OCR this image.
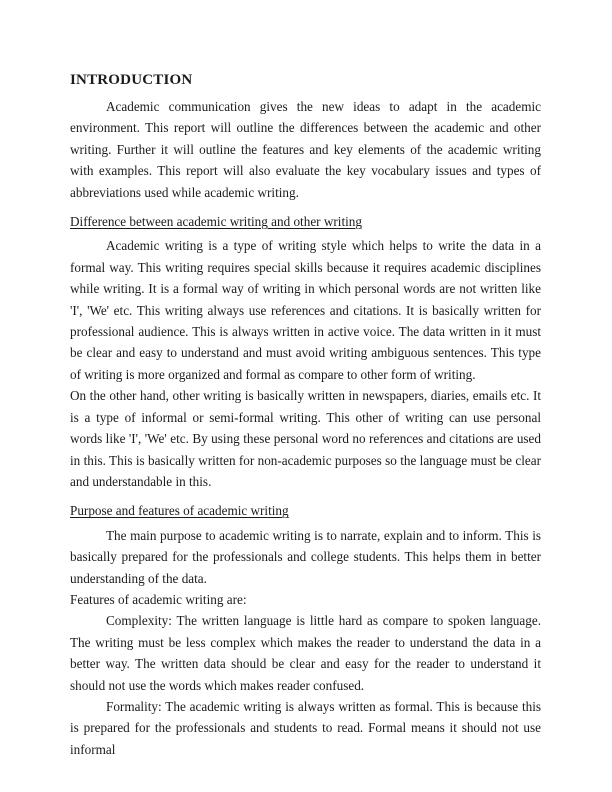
INTRODUCTION

Academic communication gives the new ideas to adapt in the academic environment. This report will outline the differences between the academic and other writing. Further it will outline the features and key elements of the academic writing with examples. This report will also evaluate the key vocabulary issues and types of abbreviations used while academic writing.

Difference between academic writing and other writing

Academic writing is a type of writing style which helps to write the data in a formal way. This writing requires special skills because it requires academic disciplines while writing. It is a formal way of writing in which personal words are not written like 'I', 'We' etc. This writing always use references and citations. It is basically written for professional audience. This is always written in active voice. The data written in it must be clear and easy to understand and must avoid writing ambiguous sentences. This type of writing is more organized and formal as compare to other form of writing.

On the other hand, other writing is basically written in newspapers, diaries, emails etc. It is a type of informal or semi-formal writing. This other of writing can use personal words like 'I', 'We' etc. By using these personal word no references and citations are used in this. This is basically written for non-academic purposes so the language must be clear and understandable in this.

Purpose and features of academic writing

The main purpose to academic writing is to narrate, explain and to inform. This is basically prepared for the professionals and college students. This helps them in better understanding of the data.

Features of academic writing are:

Complexity: The written language is little hard as compare to spoken language. The writing must be less complex which makes the reader to understand the data in a better way. The written data should be clear and easy for the reader to understand it should not use the words which makes reader confused.

Formality: The academic writing is always written as formal. This is because this is prepared for the professionals and students to read. Formal means it should not use informal
